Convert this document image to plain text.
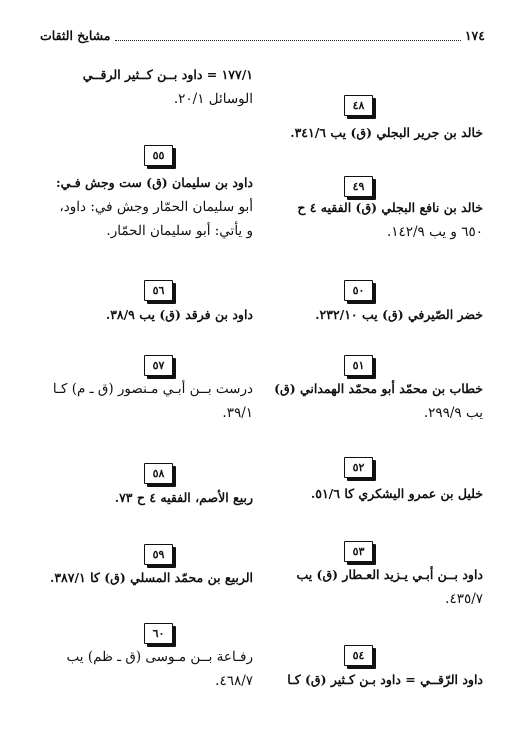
١٧٤
مشايخ الثقات
١٧٧/١ = داود بــن كــثير الرقــي
الوسائل ٢٠/١.	٤٨
خالد بن جرير البجلي (ق) يب ٣٤١/٦.
٤٩
خالد بن نافع البجلي (ق) الفقيه ٤ ح
٦٥٠ و يب ١٤٢/٩.
٥٠
خضر الصّيرفي (ق) يب ٢٣٢/١٠.
٥١
خطاب بن محمّد أبو محمّد الهمداني (ق)
يب ٢٩٩/٩.
٥٢
خليل بن عمرو اليشكري كا ٥١/٦.
٥٣
داود بــن أبـي يـزيد العـطار (ق) يب
٤٣٥/٧.
٥٤
داود الرّقــي = داود بـن كـثير (ق) كـا
٥٥
داود بن سليمان (ق) ست وجش فـي:
أبو سليمان الحمّار وجش في: داود،
و يأتي: أبو سليمان الحمّار.
٥٦
داود بن فرقد (ق) يب ٣٨/٩.
٥٧
درست بــن أبـي مـنصور (ق ـ م) كـا
٣٩/١.
٥٨
ربيع الأصم، الفقيه ٤ ح ٧٣.
٥٩
الربيع بن محمّد المسلي (ق) كا ٣٨٧/١.
٦٠
رفـاعة بــن مـوسى (ق ـ ظم) يب
٤٦٨/٧.
